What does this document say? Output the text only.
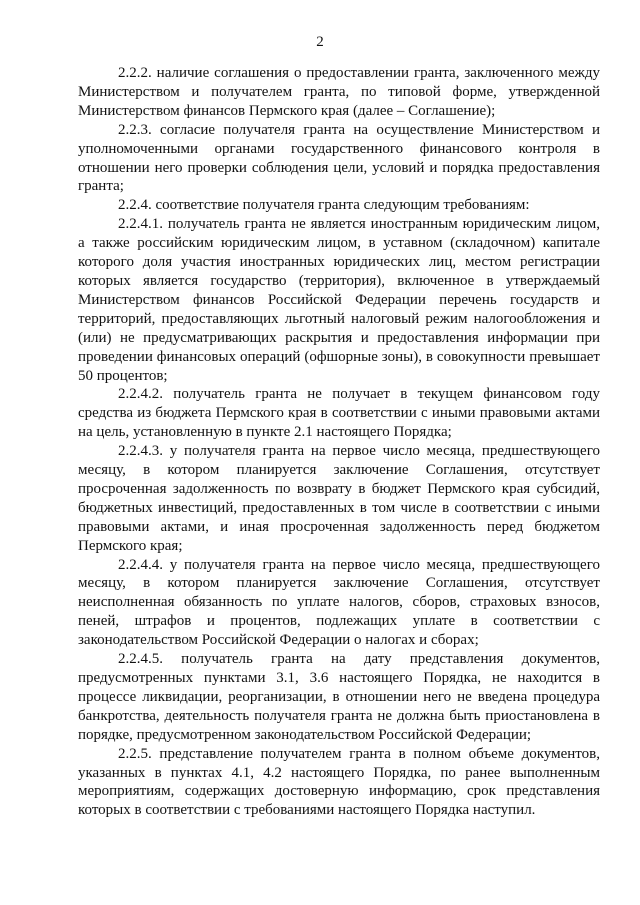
2

2.2.2. наличие соглашения о предоставлении гранта, заключенного между Министерством и получателем гранта, по типовой форме, утвержденной Министерством финансов Пермского края (далее – Соглашение);

2.2.3. согласие получателя гранта на осуществление Министерством и уполномоченными органами государственного финансового контроля в отношении него проверки соблюдения цели, условий и порядка предоставления гранта;

2.2.4. соответствие получателя гранта следующим требованиям:

2.2.4.1. получатель гранта не является иностранным юридическим лицом, а также российским юридическим лицом, в уставном (складочном) капитале которого доля участия иностранных юридических лиц, местом регистрации которых является государство (территория), включенное в утверждаемый Министерством финансов Российской Федерации перечень государств и территорий, предоставляющих льготный налоговый режим налогообложения и (или) не предусматривающих раскрытия и предоставления информации при проведении финансовых операций (офшорные зоны), в совокупности превышает 50 процентов;

2.2.4.2. получатель гранта не получает в текущем финансовом году средства из бюджета Пермского края в соответствии с иными правовыми актами на цель, установленную в пункте 2.1 настоящего Порядка;

2.2.4.3. у получателя гранта на первое число месяца, предшествующего месяцу, в котором планируется заключение Соглашения, отсутствует просроченная задолженность по возврату в бюджет Пермского края субсидий, бюджетных инвестиций, предоставленных в том числе в соответствии с иными правовыми актами, и иная просроченная задолженность перед бюджетом Пермского края;

2.2.4.4. у получателя гранта на первое число месяца, предшествующего месяцу, в котором планируется заключение Соглашения, отсутствует неисполненная обязанность по уплате налогов, сборов, страховых взносов, пеней, штрафов и процентов, подлежащих уплате в соответствии с законодательством Российской Федерации о налогах и сборах;

2.2.4.5. получатель гранта на дату представления документов, предусмотренных пунктами 3.1, 3.6 настоящего Порядка, не находится в процессе ликвидации, реорганизации, в отношении него не введена процедура банкротства, деятельность получателя гранта не должна быть приостановлена в порядке, предусмотренном законодательством Российской Федерации;

2.2.5. представление получателем гранта в полном объеме документов, указанных в пунктах 4.1, 4.2 настоящего Порядка, по ранее выполненным мероприятиям, содержащих достоверную информацию, срок представления которых в соответствии с требованиями настоящего Порядка наступил.
